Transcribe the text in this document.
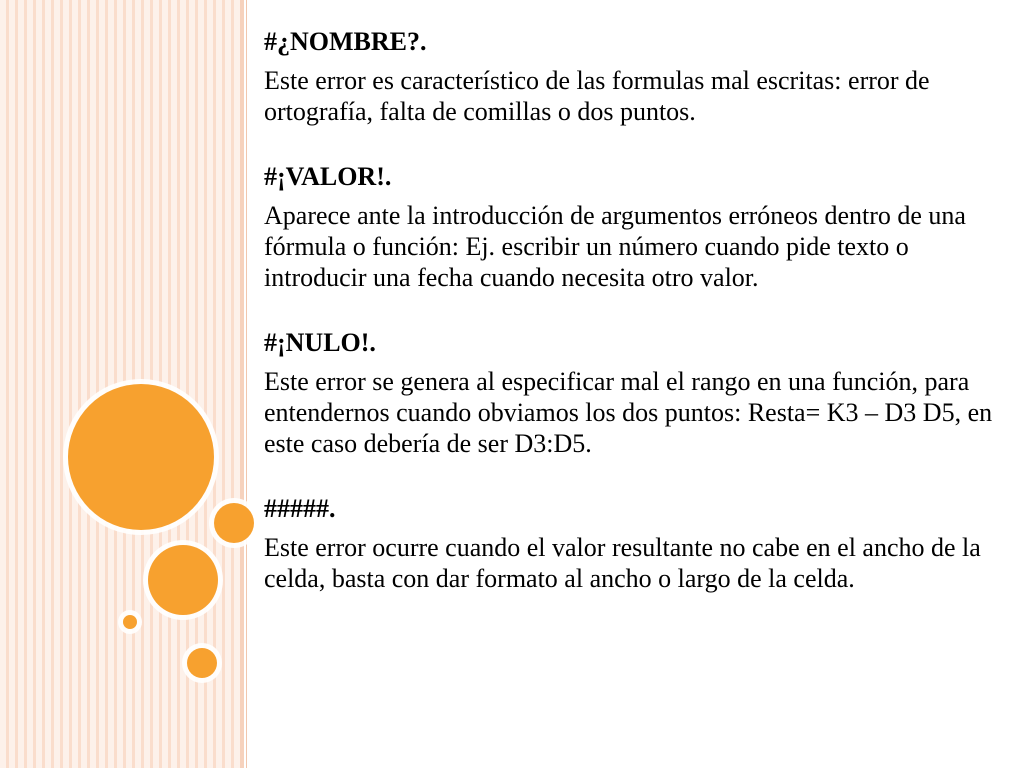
#¿NOMBRE?.

Este error es característico de las formulas mal escritas: error de ortografía, falta de comillas o dos puntos.

#¡VALOR!.

Aparece ante la introducción de argumentos erróneos dentro de una fórmula o función: Ej. escribir un número cuando pide texto o introducir una fecha cuando necesita otro valor.

#¡NULO!.

Este error se genera al especificar mal el rango en una función, para entendernos cuando obviamos los dos puntos: Resta= K3 – D3 D5, en este caso debería de ser D3:D5.

#####.

Este error ocurre cuando el valor resultante no cabe en el ancho de la celda, basta con dar formato al ancho o largo de la celda.
